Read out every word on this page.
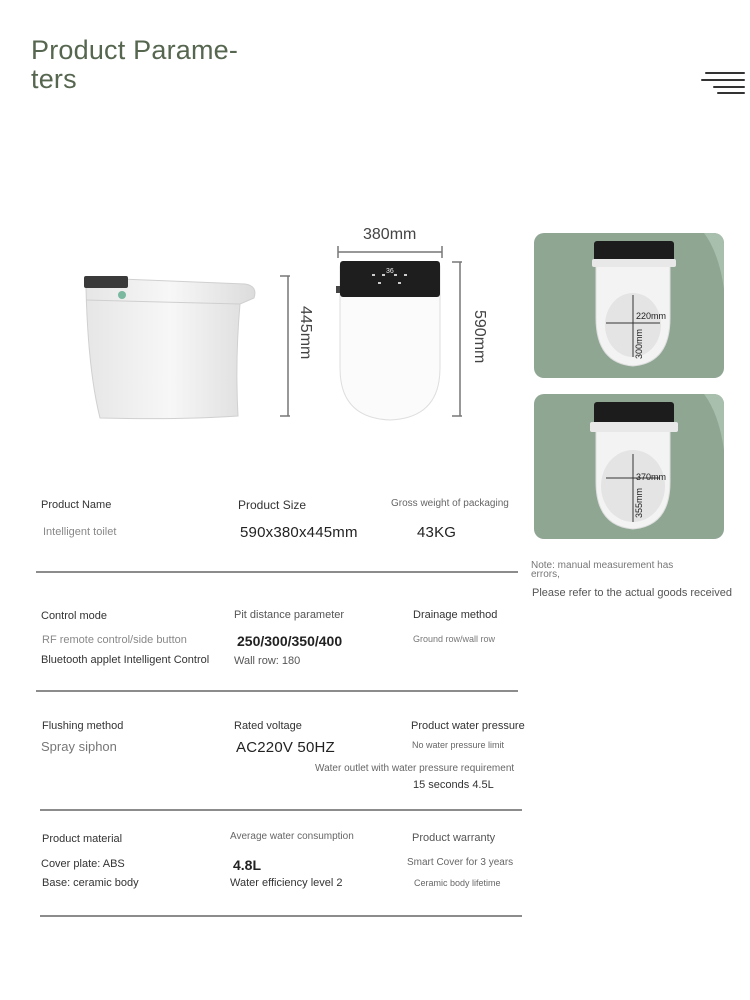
Product Parame-
ters
445mm
380mm
36
590mm	220mm
300mm
370mm
355mm
Note: manual measurement has
errors,
Please refer to the actual goods received
Product Name
Intelligent toilet
Product Size
590x380x445mm
Gross weight of packaging
43KG
Control mode
RF remote control/side button
Bluetooth applet Intelligent Control
Pit distance parameter
250/300/350/400
Wall row: 180
Drainage method
Ground row/wall row
Flushing method
Spray siphon
Rated voltage
AC220V 50HZ
Product water pressure
No water pressure limit
Water outlet with water pressure requirement
15 seconds 4.5L
Product material
Cover plate: ABS
Base: ceramic body
Average water consumption
4.8L
Water efficiency level 2
Product warranty
Smart Cover for 3 years
Ceramic body lifetime
